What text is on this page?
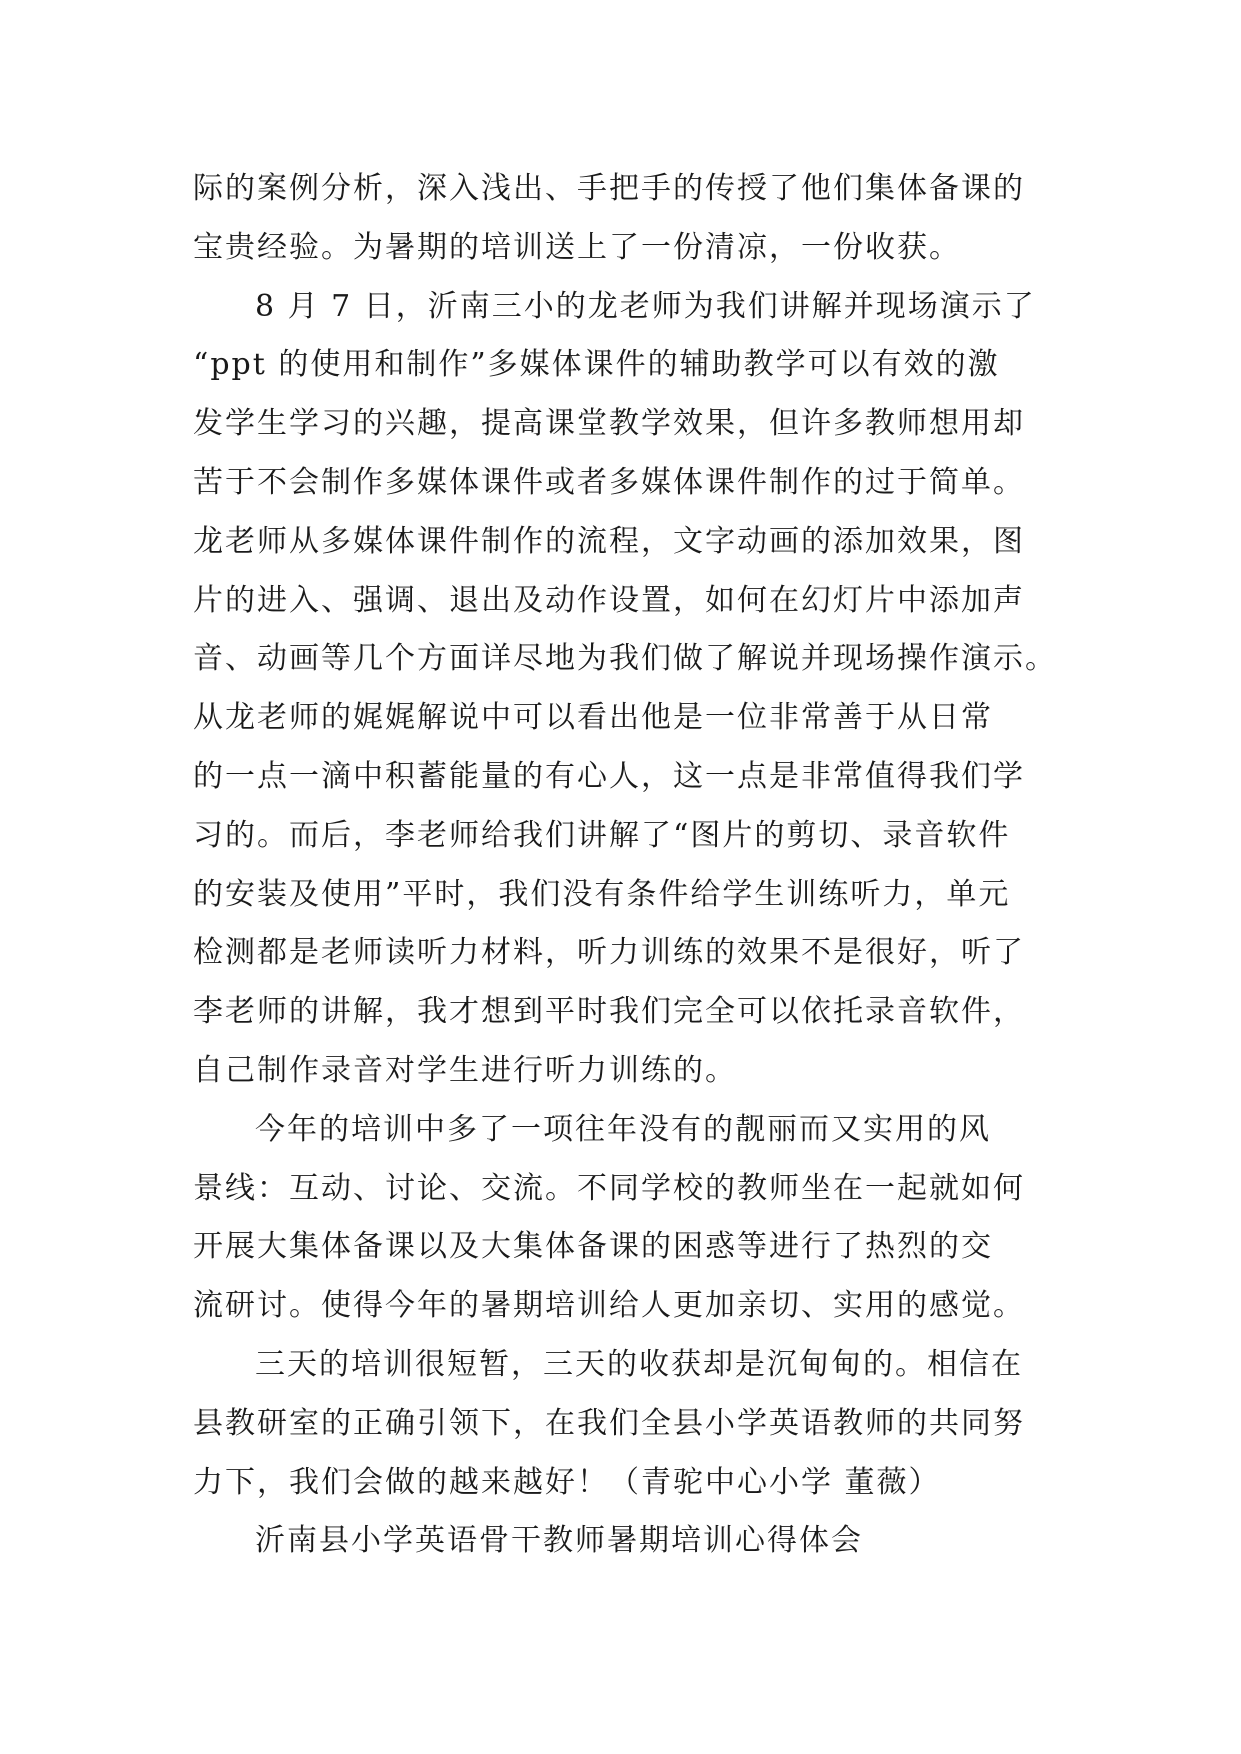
际的案例分析，深入浅出、手把手的传授了他们集体备课的
宝贵经验。为暑期的培训送上了一份清凉，一份收获。
8 月 7 日，沂南三小的龙老师为我们讲解并现场演示了
“ppt 的使用和制作”多媒体课件的辅助教学可以有效的激
发学生学习的兴趣，提高课堂教学效果，但许多教师想用却
苦于不会制作多媒体课件或者多媒体课件制作的过于简单。
龙老师从多媒体课件制作的流程，文字动画的添加效果，图
片的进入、强调、退出及动作设置，如何在幻灯片中添加声
音、动画等几个方面详尽地为我们做了解说并现场操作演示。
从龙老师的娓娓解说中可以看出他是一位非常善于从日常
的一点一滴中积蓄能量的有心人，这一点是非常值得我们学
习的。而后，李老师给我们讲解了“图片的剪切、录音软件
的安装及使用”平时，我们没有条件给学生训练听力，单元
检测都是老师读听力材料，听力训练的效果不是很好，听了
李老师的讲解，我才想到平时我们完全可以依托录音软件，
自己制作录音对学生进行听力训练的。
今年的培训中多了一项往年没有的靓丽而又实用的风
景线：互动、讨论、交流。不同学校的教师坐在一起就如何
开展大集体备课以及大集体备课的困惑等进行了热烈的交
流研讨。使得今年的暑期培训给人更加亲切、实用的感觉。
三天的培训很短暂，三天的收获却是沉甸甸的。相信在
县教研室的正确引领下，在我们全县小学英语教师的共同努
力下，我们会做的越来越好！（青驼中心小学 董薇）
沂南县小学英语骨干教师暑期培训心得体会
